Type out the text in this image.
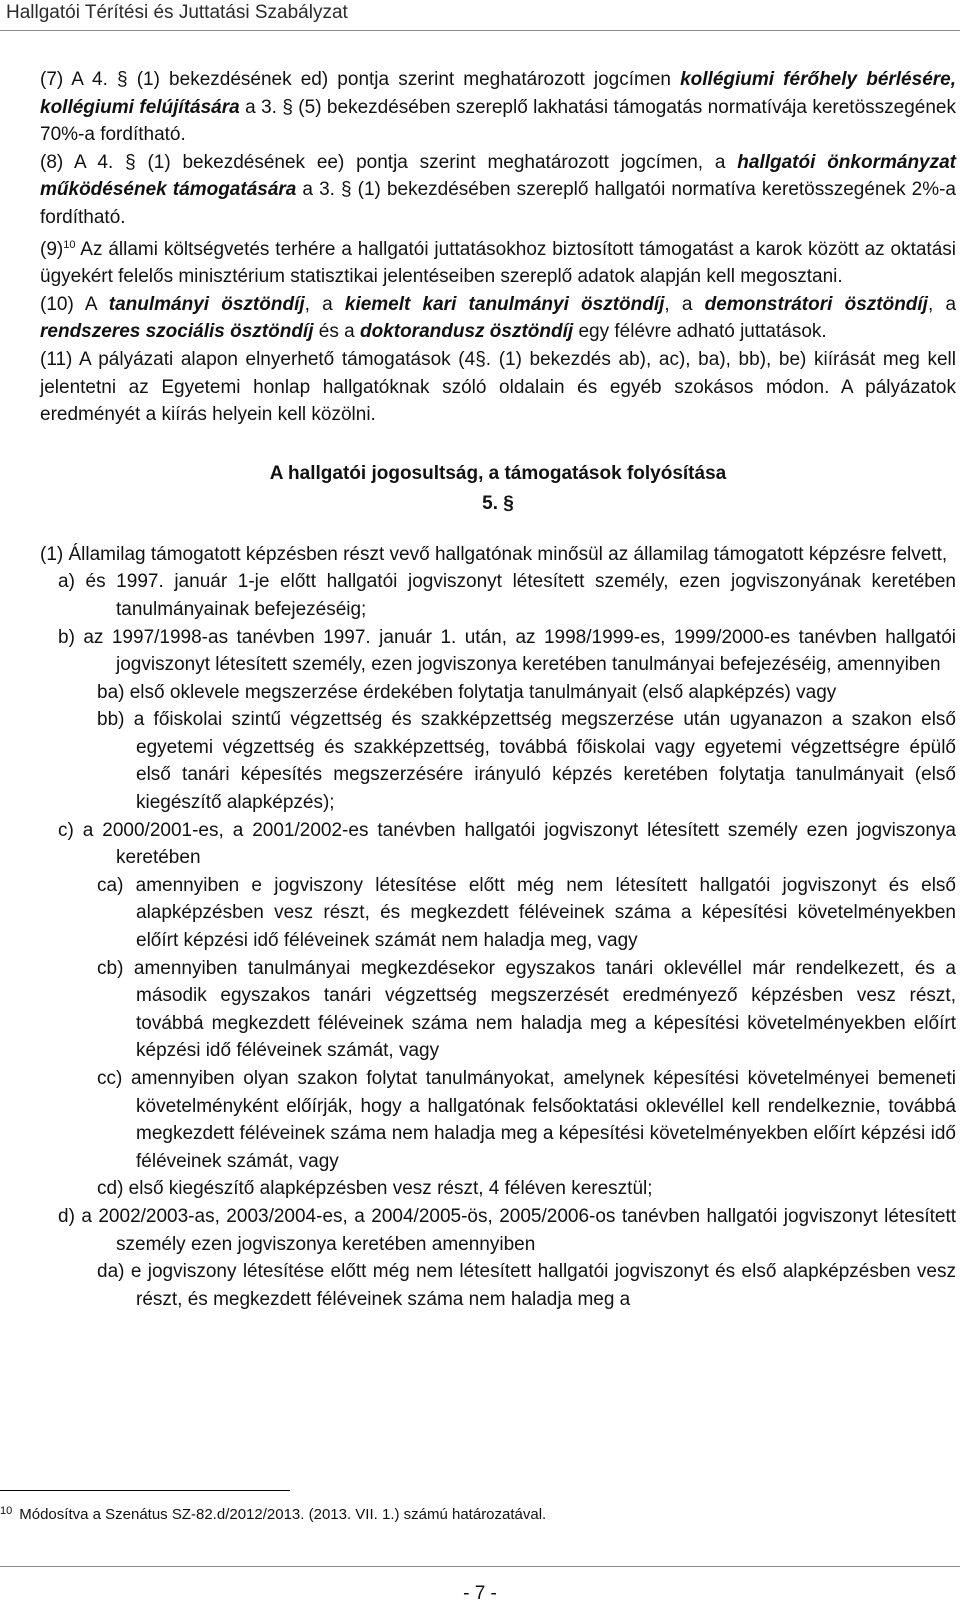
Hallgatói Térítési és Juttatási Szabályzat

(7) A 4. § (1) bekezdésének ed) pontja szerint meghatározott jogcímen kollégiumi férőhely bérlésére, kollégiumi felújítására a 3. § (5) bekezdésében szereplő lakhatási támogatás normatívája keretösszegének 70%-a fordítható.

(8) A 4. § (1) bekezdésének ee) pontja szerint meghatározott jogcímen, a hallgatói önkormányzat működésének támogatására a 3. § (1) bekezdésében szereplő hallgatói normatíva keretösszegének 2%-a fordítható.

$(9)^{10}$ Az állami költségvetés terhére a hallgatói juttatásokhoz biztosított támogatást a karok között az oktatási ügyekért felelős minisztérium statisztikai jelentéseiben szereplő adatok alapján kell megosztani.

(10) A tanulmányi ösztöndíj, a kiemelt kari tanulmányi ösztöndíj, a demonstrátori ösztöndíj, a rendszeres szociális ösztöndíj és a doktorandusz ösztöndíj egy félévre adható juttatások.

(11) A pályázati alapon elnyerhető támogatások (4§. (1) bekezdés ab), ac), ba), bb), be) kiírását meg kell jelentetni az Egyetemi honlap hallgatóknak szóló oldalain és egyéb szokásos módon. A pályázatok eredményét a kiírás helyein kell közölni.

A hallgatói jogosultság, a támogatások folyósítása
5. §

(1) Államilag támogatott képzésben részt vevő hallgatónak minősül az államilag támogatott képzésre felvett,

a) és 1997. január 1-je előtt hallgatói jogviszonyt létesített személy, ezen jogviszonyának keretében tanulmányainak befejezéséig;

b) az 1997/1998-as tanévben 1997. január 1. után, az 1998/1999-es, 1999/2000-es tanévben hallgatói jogviszonyt létesített személy, ezen jogviszonya keretében tanulmányai befejezéséig, amennyiben

ba) első oklevele megszerzése érdekében folytatja tanulmányait (első alapképzés) vagy

bb) a főiskolai szintű végzettség és szakképzettség megszerzése után ugyanazon a szakon első egyetemi végzettség és szakképzettség, továbbá főiskolai vagy egyetemi végzettségre épülő első tanári képesítés megszerzésére irányuló képzés keretében folytatja tanulmányait (első kiegészítő alapképzés);

c) a 2000/2001-es, a 2001/2002-es tanévben hallgatói jogviszonyt létesített személy ezen jogviszonya keretében

ca) amennyiben e jogviszony létesítése előtt még nem létesített hallgatói jogviszonyt és első alapképzésben vesz részt, és megkezdett féléveinek száma a képesítési követelményekben előírt képzési idő féléveinek számát nem haladja meg, vagy

cb) amennyiben tanulmányai megkezdésekor egyszakos tanári oklevéllel már rendelkezett, és a második egyszakos tanári végzettség megszerzését eredményező képzésben vesz részt, továbbá megkezdett féléveinek száma nem haladja meg a képesítési követelményekben előírt képzési idő féléveinek számát, vagy

cc) amennyiben olyan szakon folytat tanulmányokat, amelynek képesítési követelményei bemeneti követelményként előírják, hogy a hallgatónak felsőoktatási oklevéllel kell rendelkeznie, továbbá megkezdett féléveinek száma nem haladja meg a képesítési követelményekben előírt képzési idő féléveinek számát, vagy

cd) első kiegészítő alapképzésben vesz részt, 4 féléven keresztül;

d) a 2002/2003-as, 2003/2004-es, a 2004/2005-ös, 2005/2006-os tanévben hallgatói jogviszonyt létesített személy ezen jogviszonya keretében amennyiben

da) e jogviszony létesítése előtt még nem létesített hallgatói jogviszonyt és első alapképzésben vesz részt, és megkezdett féléveinek száma nem haladja meg a

$^{10}$ Módosítva a Szenátus SZ-82.d/2012/2013. (2013. VII. 1.) számú határozatával.
- 7 -
